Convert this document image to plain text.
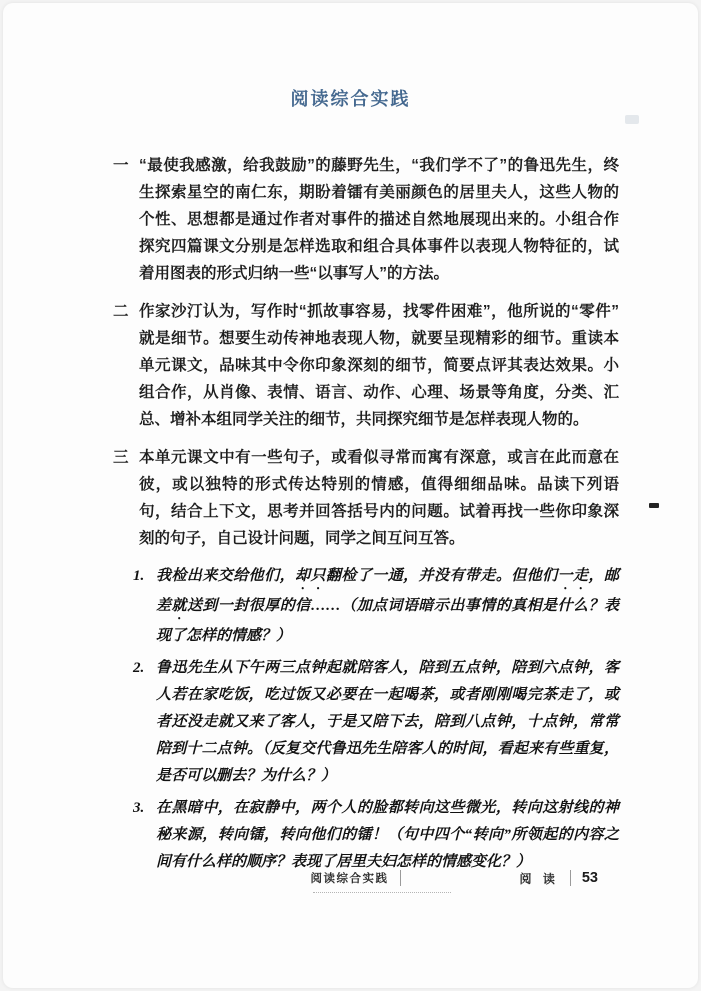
阅读综合实践
一 “最使我感激，给我鼓励”的藤野先生，“我们学不了”的鲁迅先生，终生探索星空的南仁东，期盼着镭有美丽颜色的居里夫人，这些人物的个性、思想都是通过作者对事件的描述自然地展现出来的。小组合作探究四篇课文分别是怎样选取和组合具体事件以表现人物特征的，试着用图表的形式归纳一些“以事写人”的方法。

二 作家沙汀认为，写作时“抓故事容易，找零件困难”，他所说的“零件”就是细节。想要生动传神地表现人物，就要呈现精彩的细节。重读本单元课文，品味其中令你印象深刻的细节，简要点评其表达效果。小组合作，从肖像、表情、语言、动作、心理、场景等角度，分类、汇总、增补本组同学关注的细节，共同探究细节是怎样表现人物的。

三 本单元课文中有一些句子，或看似寻常而寓有深意，或言在此而意在彼，或以独特的形式传达特别的情感，值得细细品味。品读下列语句，结合上下文，思考并回答括号内的问题。试着再找一些你印象深刻的句子，自己设计问题，同学之间互问互答。

1. 我检出来交给他们，却只翻检了一通，并没有带走。但他们一走，邮差就送到一封很厚的信……（加点词语暗示出事情的真相是什么？表现了怎样的情感？）

2. 鲁迅先生从下午两三点钟起就陪客人，陪到五点钟，陪到六点钟，客人若在家吃饭，吃过饭又必要在一起喝茶，或者刚刚喝完茶走了，或者还没走就又来了客人，于是又陪下去，陪到八点钟，十点钟，常常陪到十二点钟。（反复交代鲁迅先生陪客人的时间，看起来有些重复，是否可以删去？为什么？）

3. 在黑暗中，在寂静中，两个人的脸都转向这些微光，转向这射线的神秘来源，转向镭，转向他们的镭！（句中四个“转向”所领起的内容之间有什么样的顺序？表现了居里夫妇怎样的情感变化？）

阅读综合实践	阅 读 53
